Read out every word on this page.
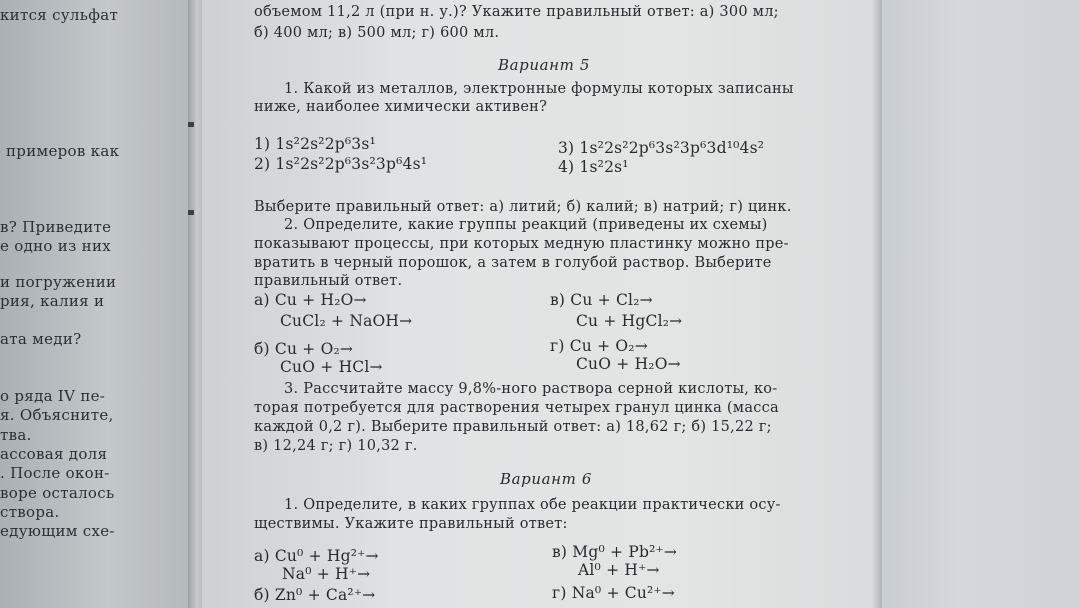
кится сульфат
примеров как
в? Приведите
е одно из них
и погружении
рия, калия и
ата меди?
о ряда IV пе-
я. Объясните,
тва.
ассовая доля
. После окон-
воре осталось
створа.
едующим схе-
объемом 11,2 л (при н. у.)? Укажите правильный ответ: а) 300 мл;
б) 400 мл; в) 500 мл; г) 600 мл.
Вариант 5
1. Какой из металлов, электронные формулы которых записаны
ниже, наиболее химически активен?
1) 1s²2s²2p⁶3s¹
2) 1s²2s²2p⁶3s²3p⁶4s¹
3) 1s²2s²2p⁶3s²3p⁶3d¹⁰4s²
4) 1s²2s¹
Выберите правильный ответ: а) литий; б) калий; в) натрий; г) цинк.
2. Определите, какие группы реакций (приведены их схемы)
показывают процессы, при которых медную пластинку можно пре-
вратить в черный порошок, а затем в голубой раствор. Выберите
правильный ответ.
а) Cu + H₂O→
CuCl₂ + NaOH→
в) Cu + Cl₂→
Cu + HgCl₂→
б) Cu + O₂→
CuO + HCl→
г) Cu + O₂→
CuO + H₂O→
3. Рассчитайте массу 9,8%-ного раствора серной кислоты, ко-
торая потребуется для растворения четырех гранул цинка (масса
каждой 0,2 г). Выберите правильный ответ: а) 18,62 г; б) 15,22 г;
в) 12,24 г; г) 10,32 г.
Вариант 6
1. Определите, в каких группах обе реакции практически осу-
ществимы. Укажите правильный ответ:
а) Cu⁰ + Hg²⁺→
Na⁰ + H⁺→
в) Mg⁰ + Pb²⁺→
Al⁰ + H⁺→
б) Zn⁰ + Ca²⁺→	г) Na⁰ + Cu²⁺→
